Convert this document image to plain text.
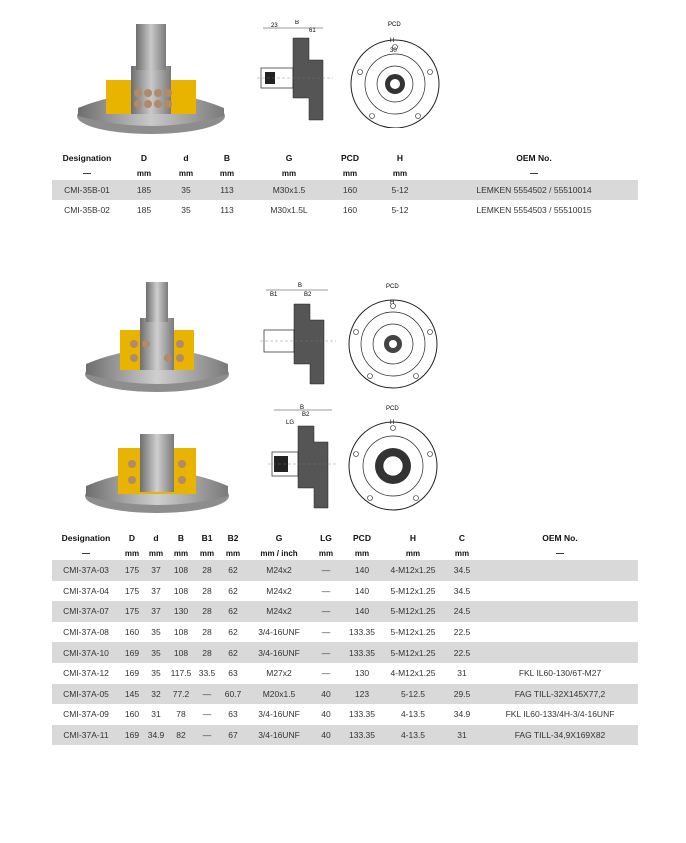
23	B
61
PCD
H
30
Designation	D	d	B	G	PCD	H	OEM No.
—	mm	mm	mm	mm	mm	mm	—
CMI-35B-01	185	35	113	M30x1.5	160	5-12	LEMKEN 5554502 / 55510014
CMI-35B-02	185	35	113	M30x1.5L	160	5-12	LEMKEN 5554503 / 55510015
B1
B
B2
PCD
H
B
B2
LG
PCD
H
Designation	D	d	B	B1	B2	G	LG	PCD	H	C	OEM No.
—	mm	mm	mm	mm	mm	mm / inch	mm	mm	mm	mm	—
CMI-37A-03	175	37	108	28	62	M24x2	—	140	4-M12x1.25	34.5	
CMI-37A-04	175	37	108	28	62	M24x2	—	140	5-M12x1.25	34.5	
CMI-37A-07	175	37	130	28	62	M24x2	—	140	5-M12x1.25	24.5	
CMI-37A-08	160	35	108	28	62	3/4-16UNF	—	133.35	5-M12x1.25	22.5	
CMI-37A-10	169	35	108	28	62	3/4-16UNF	—	133.35	5-M12x1.25	22.5	
CMI-37A-12	169	35	117.5	33.5	63	M27x2	—	130	4-M12x1.25	31	FKL IL60-130/6T-M27
CMI-37A-05	145	32	77.2	—	60.7	M20x1.5	40	123	5-12.5	29.5	FAG TILL-32X145X77,2
CMI-37A-09	160	31	78	—	63	3/4-16UNF	40	133.35	4-13.5	34.9	FKL IL60-133/4H-3/4-16UNF
CMI-37A-11	169	34.9	82	—	67	3/4-16UNF	40	133.35	4-13.5	31	FAG TILL-34,9X169X82
